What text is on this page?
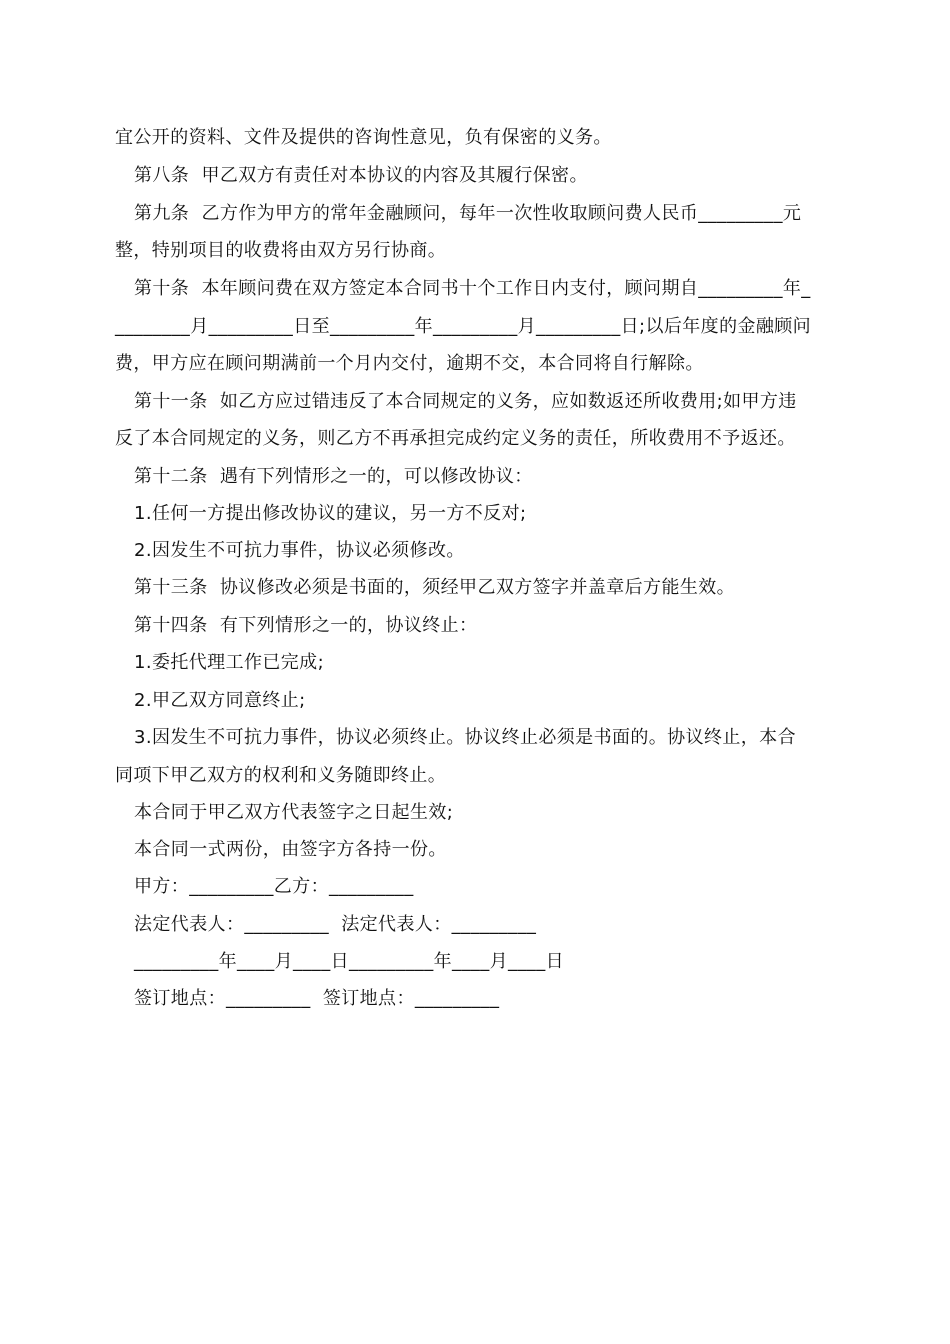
宜公开的资料、文件及提供的咨询性意见，负有保密的义务。
第八条  甲乙双方有责任对本协议的内容及其履行保密。
第九条  乙方作为甲方的常年金融顾问，每年一次性收取顾问费人民币_________元
整，特别项目的收费将由双方另行协商。
第十条  本年顾问费在双方签定本合同书十个工作日内支付，顾问期自_________年_
________月_________日至_________年_________月_________日;以后年度的金融顾问
费，甲方应在顾问期满前一个月内交付，逾期不交，本合同将自行解除。
第十一条  如乙方应过错违反了本合同规定的义务，应如数返还所收费用;如甲方违
反了本合同规定的义务，则乙方不再承担完成约定义务的责任，所收费用不予返还。
第十二条  遇有下列情形之一的，可以修改协议：
1.任何一方提出修改协议的建议，另一方不反对;
2.因发生不可抗力事件，协议必须修改。
第十三条  协议修改必须是书面的，须经甲乙双方签字并盖章后方能生效。
第十四条  有下列情形之一的，协议终止：
1.委托代理工作已完成;
2.甲乙双方同意终止;
3.因发生不可抗力事件，协议必须终止。协议终止必须是书面的。协议终止，本合
同项下甲乙双方的权利和义务随即终止。
本合同于甲乙双方代表签字之日起生效;
本合同一式两份，由签字方各持一份。
甲方：_________乙方：_________
法定代表人：_________  法定代表人：_________
_________年____月____日_________年____月____日
签订地点：_________  签订地点：_________
